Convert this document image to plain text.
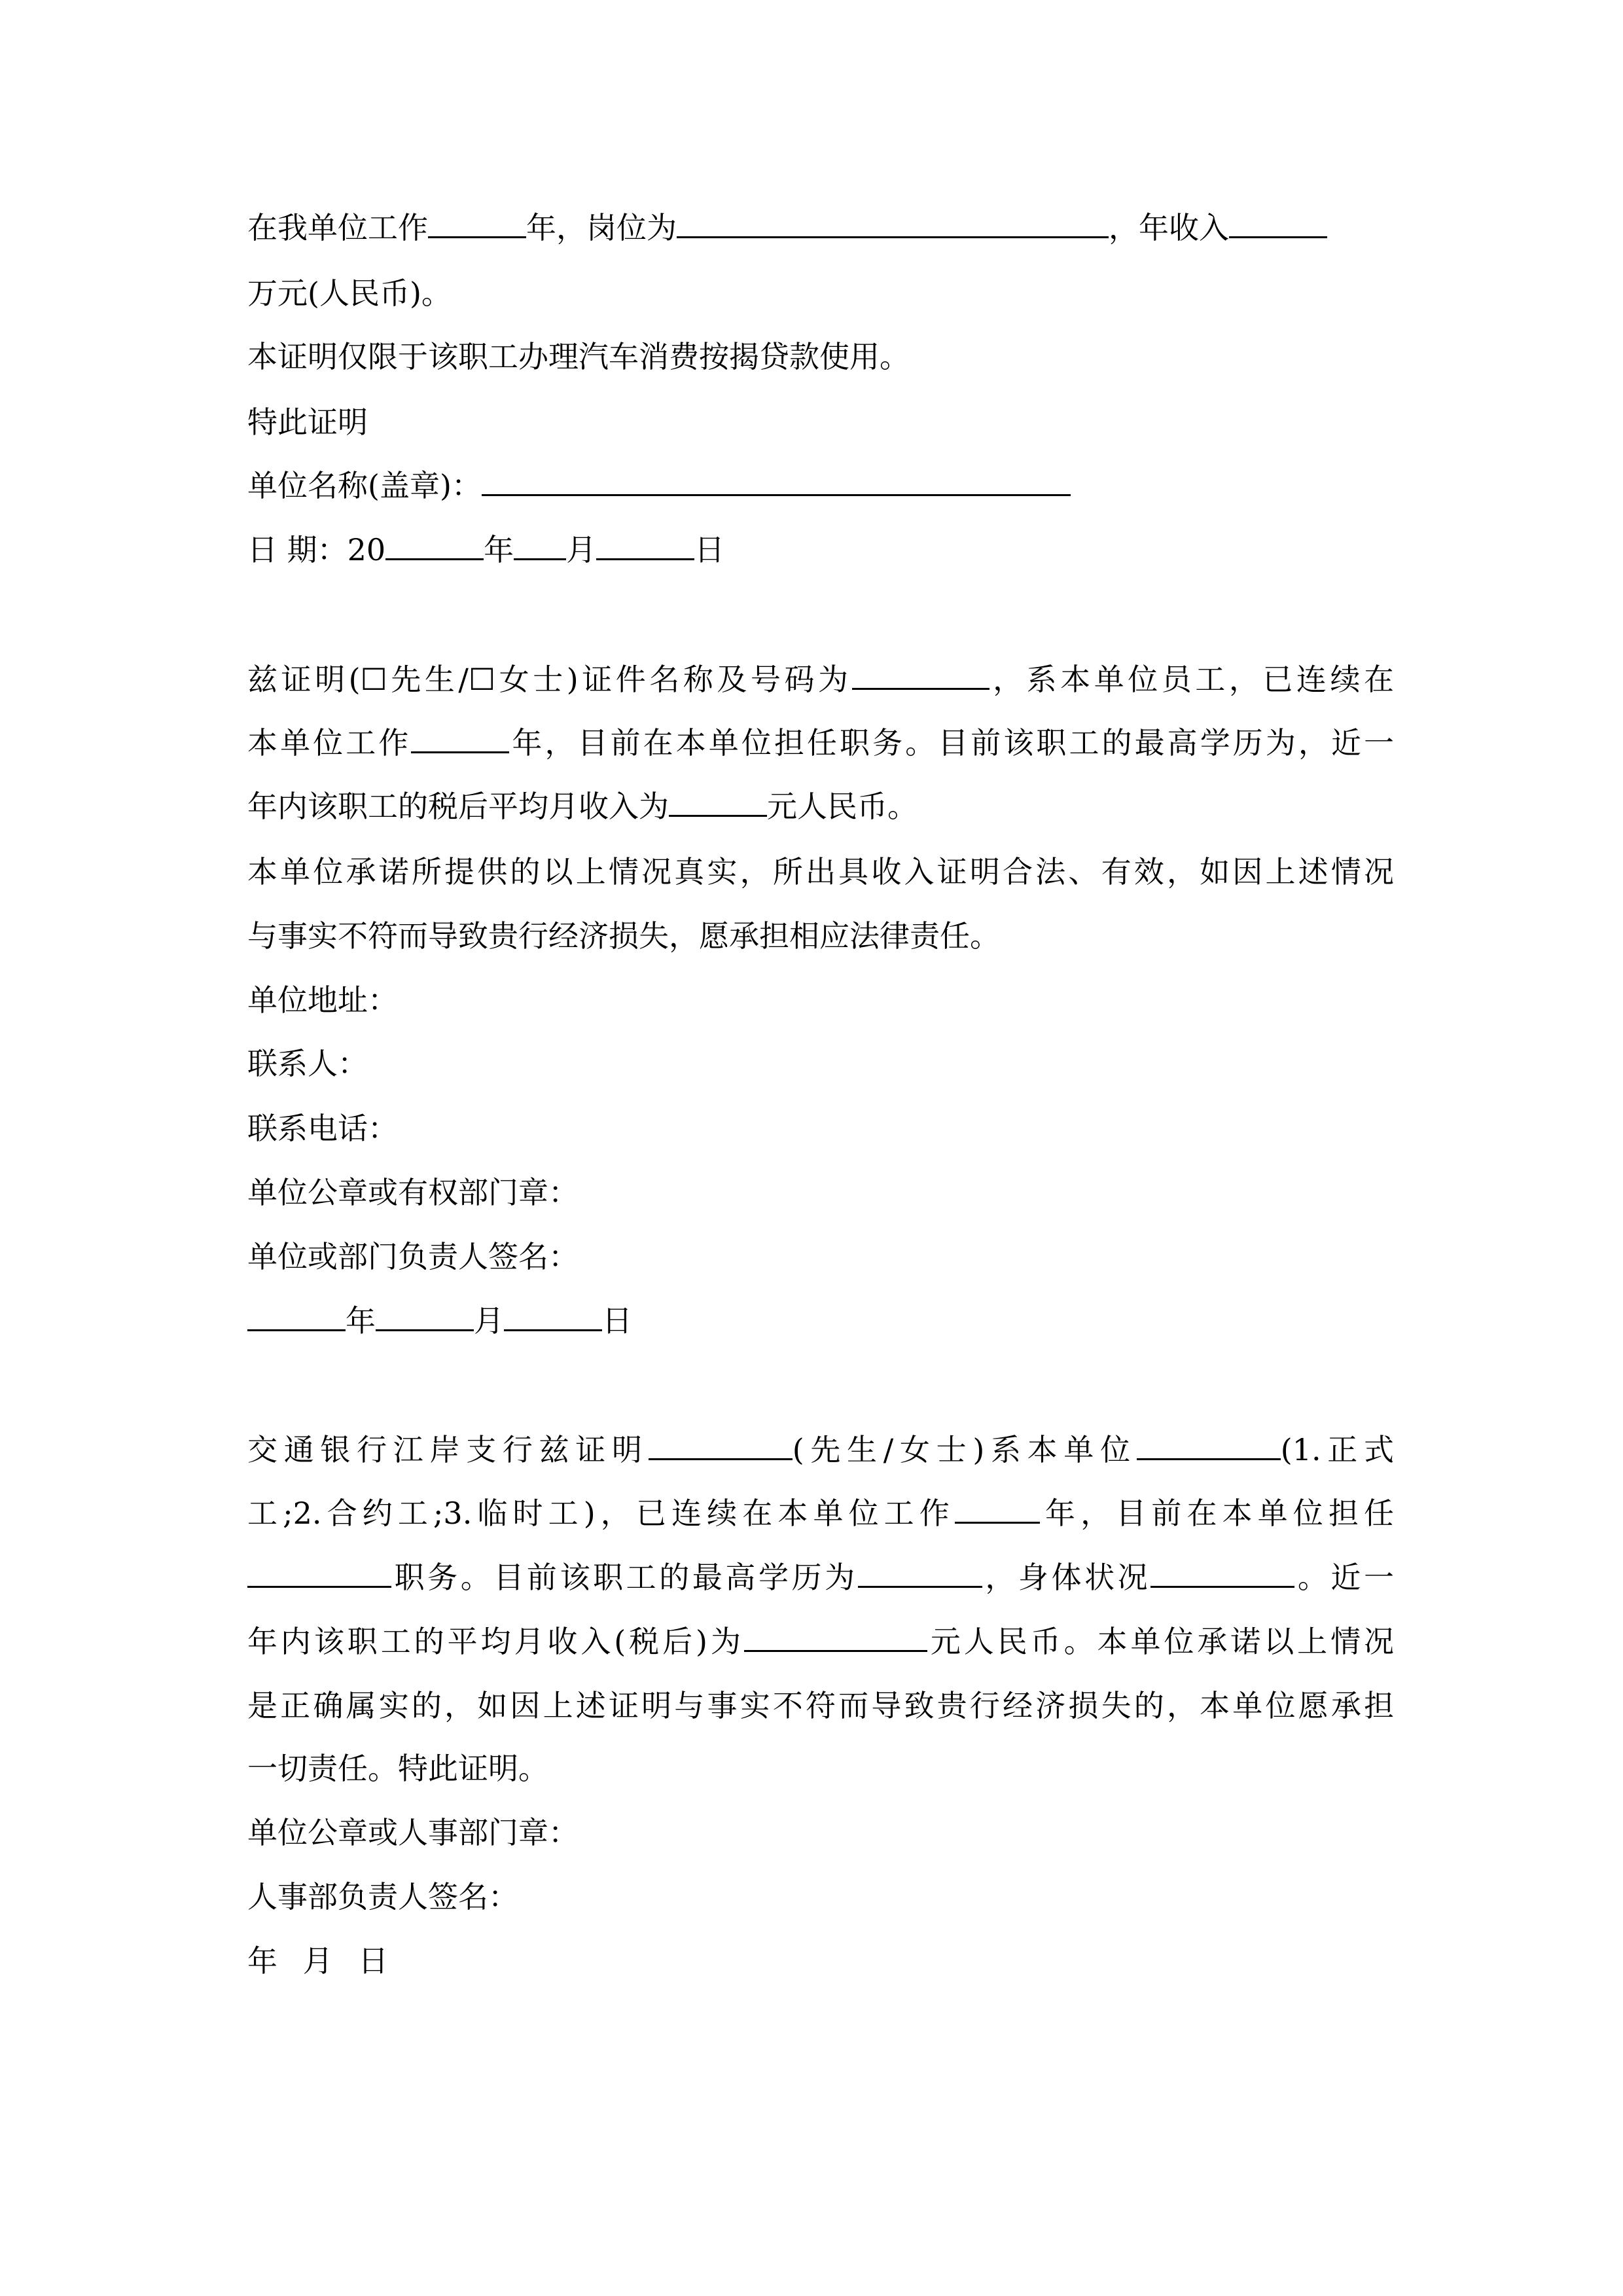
在我单位工作	年，岗位为	，年收入
万元(人民币)。
本证明仅限于该职工办理汽车消费按揭贷款使用。
特此证明
单位名称(盖章)：
日 期：20	年 月	日
兹证明(☐先生/☐女士)证件名称及号码为	，系本单位员工，已连续在
本单位工作	年，目前在本单位担任职务。目前该职工的最高学历为，近一
年内该职工的税后平均月收入为	元人民币。
本单位承诺所提供的以上情况真实，所出具收入证明合法、有效，如因上述情况
与事实不符而导致贵行经济损失，愿承担相应法律责任。
单位地址：
联系人：
联系电话：
单位公章或有权部门章：
单位或部门负责人签名：
年	月	日
交通银行江岸支行兹证明	(先生/女士)系本单位	(1.正式
工;2.合约工;3.临时工)，已连续在本单位工作	年，目前在本单位担任
职务。目前该职工的最高学历为	，身体状况	。近一
年内该职工的平均月收入(税后)为	元人民币。本单位承诺以上情况
是正确属实的，如因上述证明与事实不符而导致贵行经济损失的，本单位愿承担
一切责任。特此证明。
单位公章或人事部门章：
人事部负责人签名：
年 月 日
